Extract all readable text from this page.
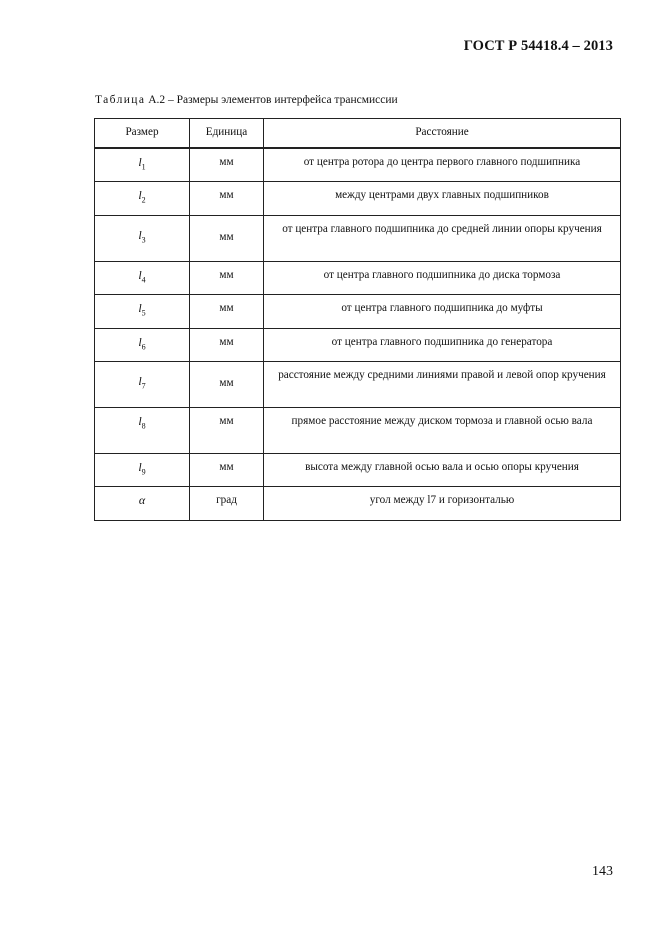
ГОСТ Р 54418.4 – 2013
Таблица А.2 – Размеры элементов интерфейса трансмиссии
Размер	Единица	Расстояние
$l_1$	мм	от центра ротора до центра первого главного подшипника
$l_2$	мм	между центрами двух главных подшипников
$l_3$	мм	от центра главного подшипника до средней линии опоры кручения
$l_4$	мм	от центра главного подшипника до диска тормоза
$l_5$	мм	от центра главного подшипника до муфты
$l_6$	мм	от центра главного подшипника до генератора
$l_7$	мм	расстояние между средними линиями правой и левой опор кручения
$l_8$	мм	прямое расстояние между диском тормоза и главной осью вала
$l_9$	мм	высота между главной осью вала и осью опоры кручения
α	град	угол между l7 и горизонталью
143
